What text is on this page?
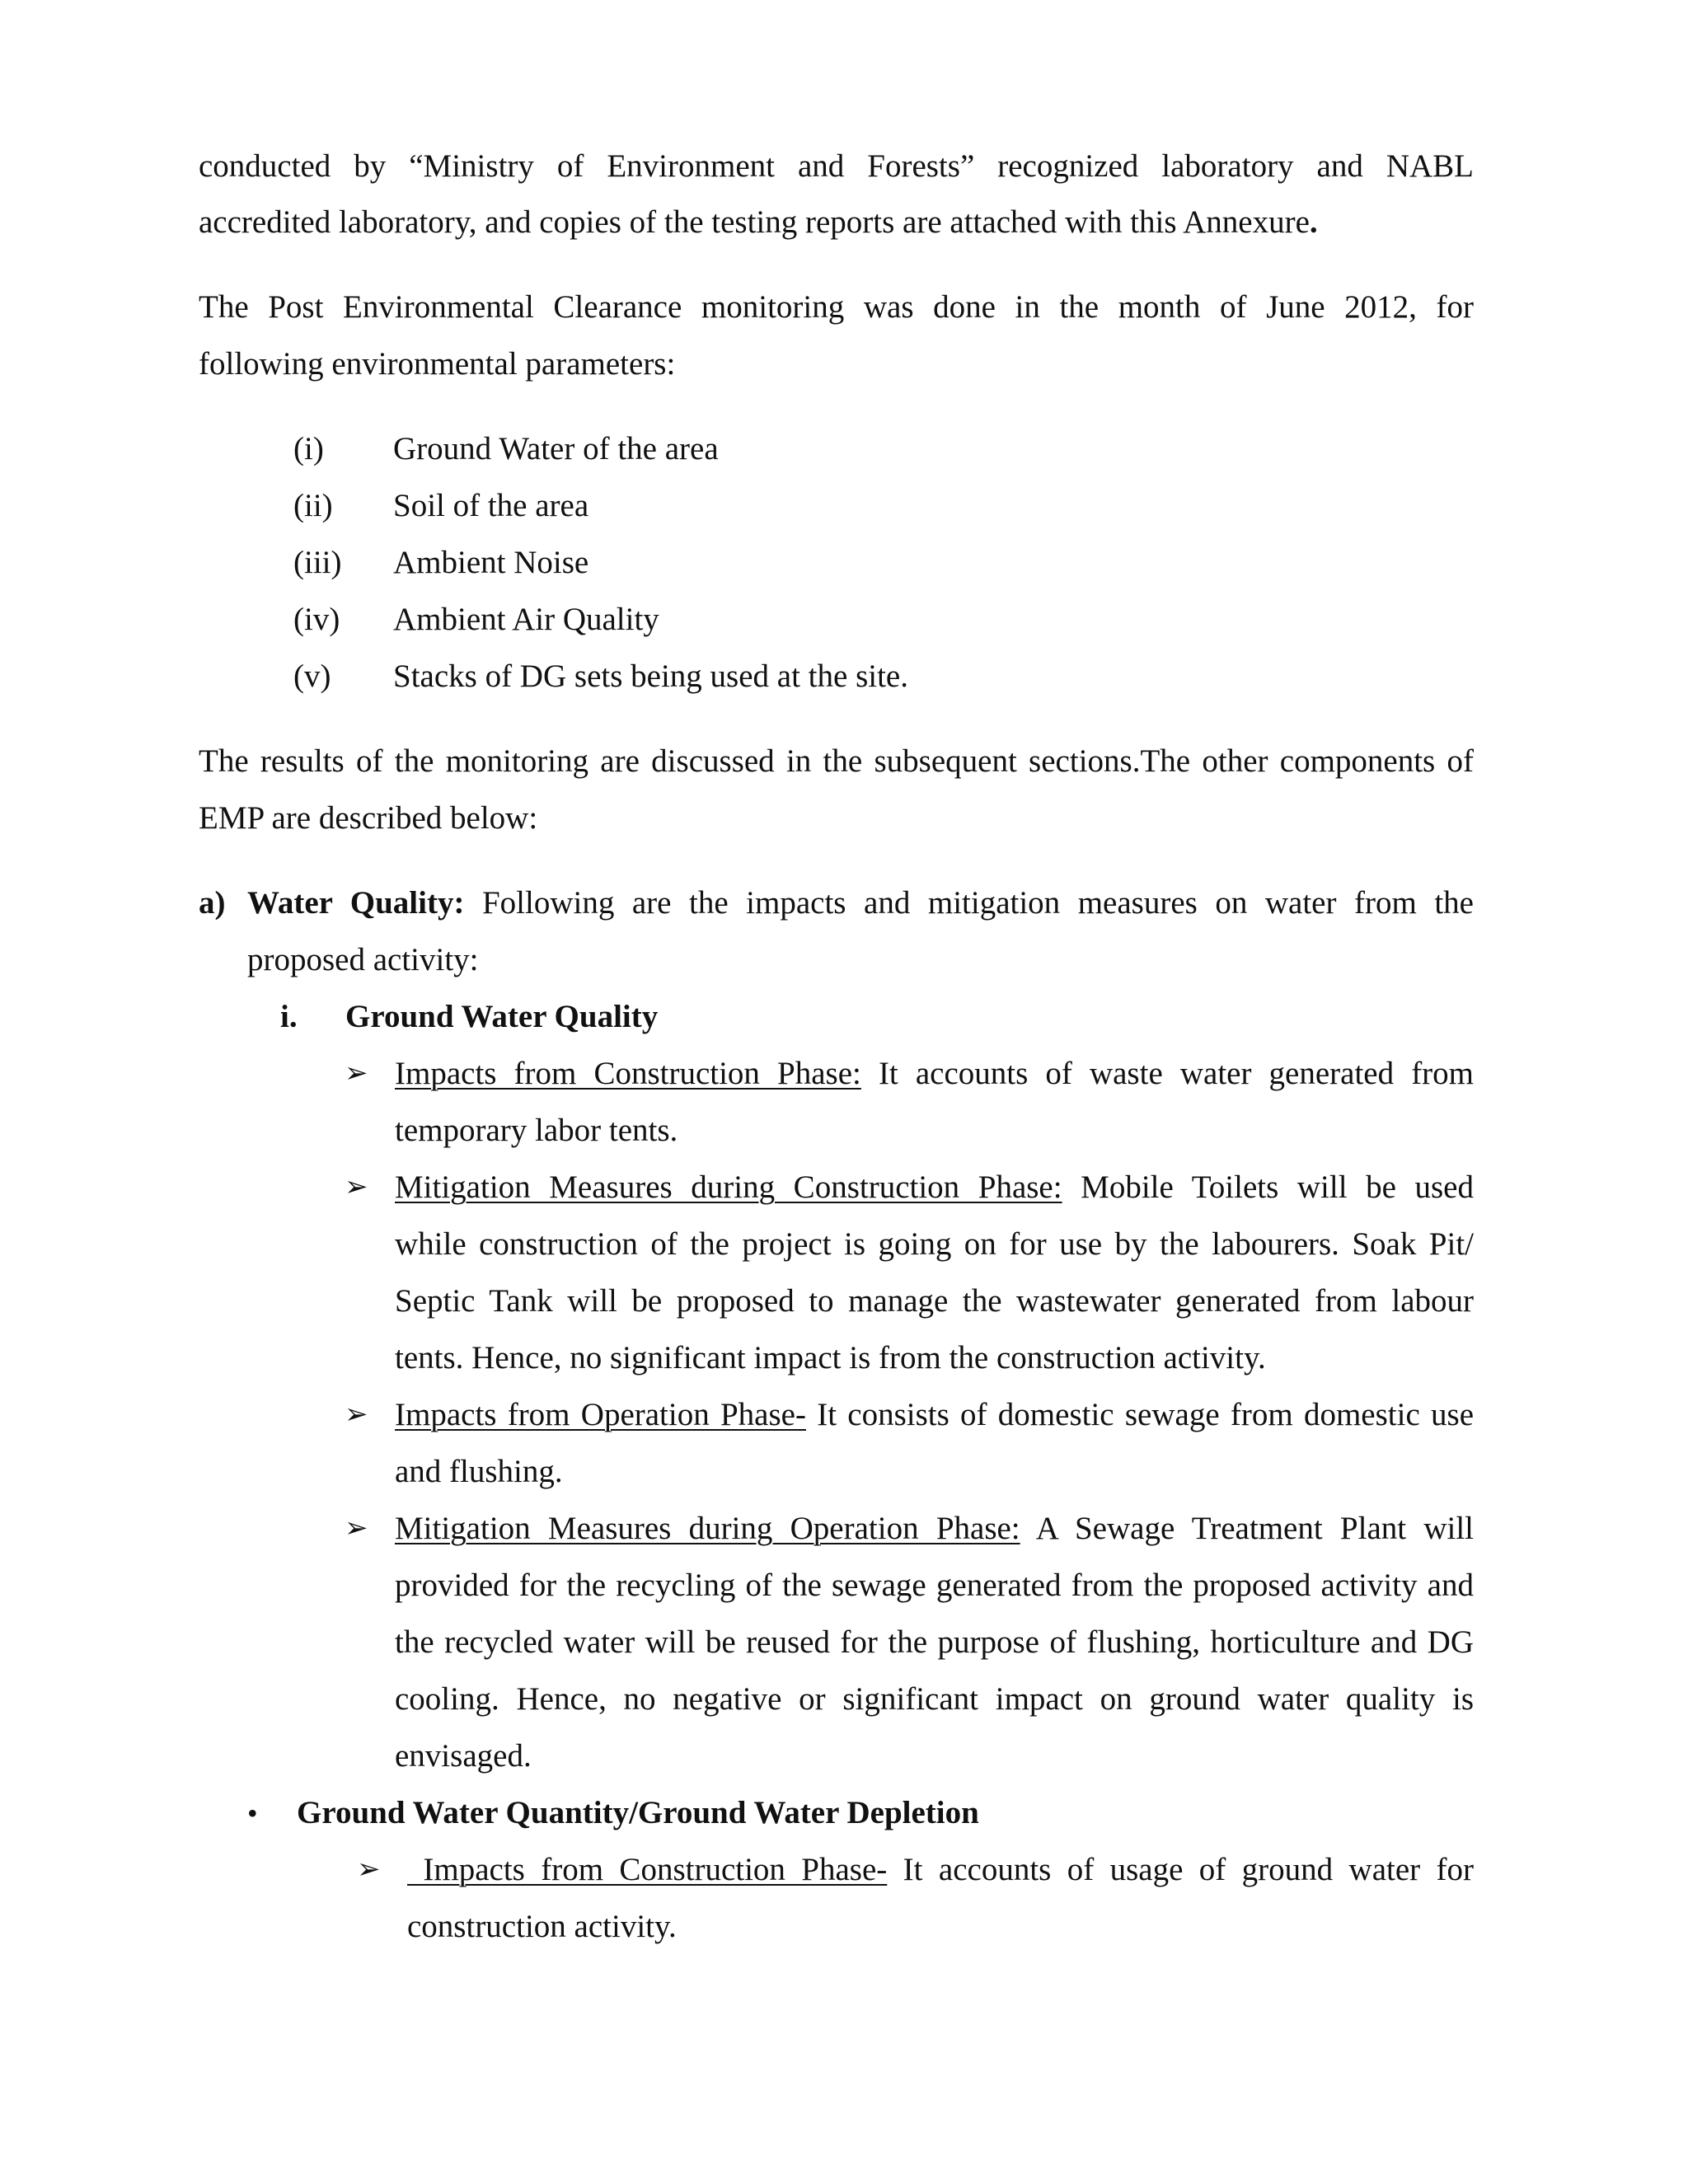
conducted by “Ministry of Environment and Forests” recognized laboratory and NABL
accredited laboratory, and copies of the testing reports are attached with this Annexure.
The Post Environmental Clearance monitoring was done in the month of June 2012, for
following environmental parameters:
(i) Ground Water of the area
(ii) Soil of the area
(iii) Ambient Noise
(iv) Ambient Air Quality
(v) Stacks of DG sets being used at the site.
The results of the monitoring are discussed in the subsequent sections.The other components of
EMP are described below:
a) Water Quality: Following are the impacts and mitigation measures on water from the
proposed activity:
i. Ground Water Quality
➢ Impacts from Construction Phase: It accounts of waste water generated from
temporary labor tents.
➢ Mitigation Measures during Construction Phase: Mobile Toilets will be used
while construction of the project is going on for use by the labourers. Soak Pit/
Septic Tank will be proposed to manage the wastewater generated from labour
tents. Hence, no significant impact is from the construction activity.
➢ Impacts from Operation Phase- It consists of domestic sewage from domestic use
and flushing.
➢ Mitigation Measures during Operation Phase: A Sewage Treatment Plant will
provided for the recycling of the sewage generated from the proposed activity and
the recycled water will be reused for the purpose of flushing, horticulture and DG
cooling. Hence, no negative or significant impact on ground water quality is
envisaged.
• Ground Water Quantity/Ground Water Depletion
➢ Impacts from Construction Phase- It accounts of usage of ground water for
construction activity.
